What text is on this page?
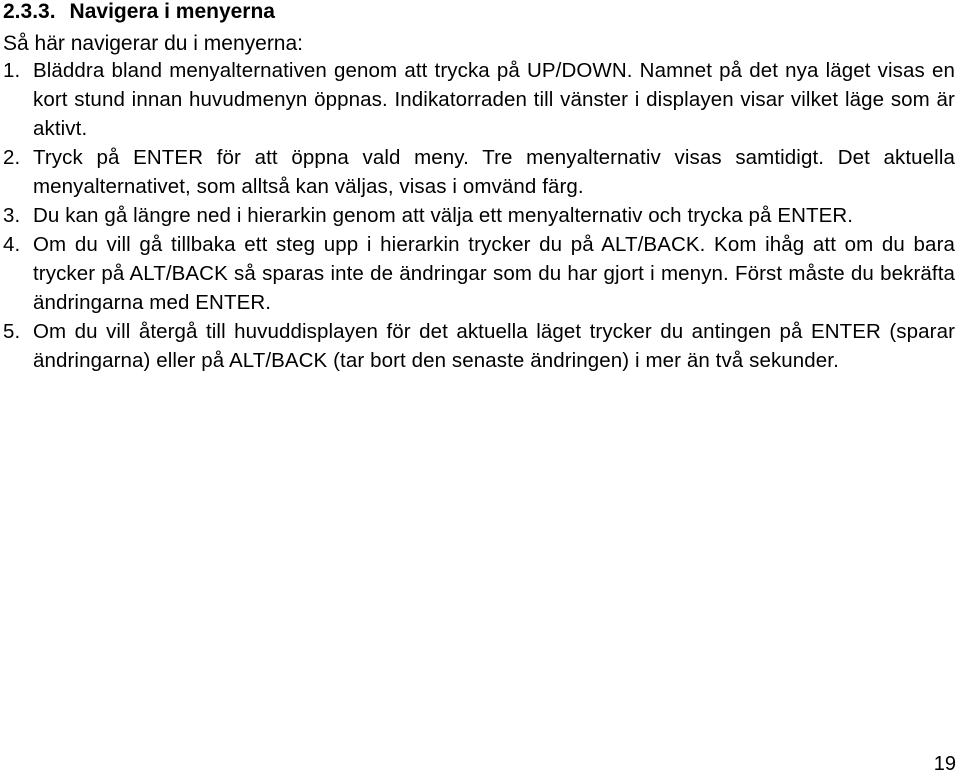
2.3.3. Navigera i menyerna
Så här navigerar du i menyerna:
1. Bläddra bland menyalternativen genom att trycka på UP/DOWN. Namnet på det nya läget visas en kort stund innan huvudmenyn öppnas. Indikatorraden till vänster i displayen visar vilket läge som är aktivt.
2. Tryck på ENTER för att öppna vald meny. Tre menyalternativ visas samtidigt. Det aktuella menyalternativet, som alltså kan väljas, visas i omvänd färg.
3. Du kan gå längre ned i hierarkin genom att välja ett menyalternativ och trycka på ENTER.
4. Om du vill gå tillbaka ett steg upp i hierarkin trycker du på ALT/BACK. Kom ihåg att om du bara trycker på ALT/BACK så sparas inte de ändringar som du har gjort i menyn. Först måste du bekräfta ändringarna med ENTER.
5. Om du vill återgå till huvuddisplayen för det aktuella läget trycker du antingen på ENTER (sparar ändringarna) eller på ALT/BACK (tar bort den senaste ändringen) i mer än två sekunder.
19
